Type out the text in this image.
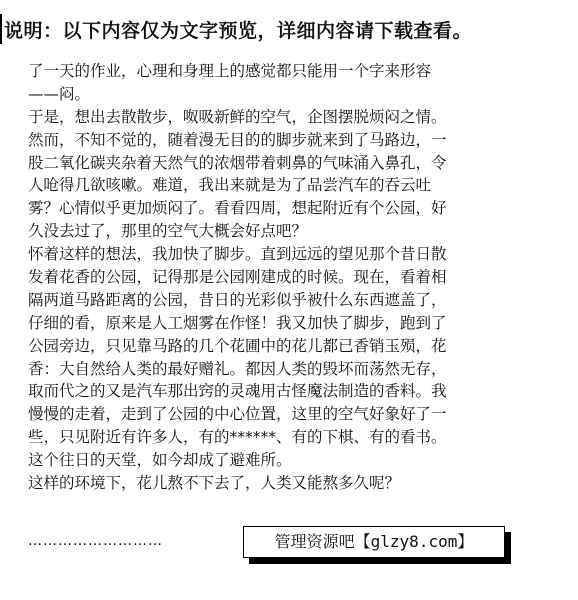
说明：以下内容仅为文字预览，详细内容请下载查看。
了一天的作业，心理和身理上的感觉都只能用一个字来形容
——闷。
于是，想出去散散步，呶吸新鲜的空气，企图摆脱烦闷之情。
然而，不知不觉的，随着漫无目的的脚步就来到了马路边，一
股二氧化碳夹杂着天然气的浓烟带着刺鼻的气味涌入鼻孔，令
人呛得几欲咳嗽。难道，我出来就是为了品尝汽车的吞云吐
雾？心情似乎更加烦闷了。看看四周，想起附近有个公园，好
久没去过了，那里的空气大概会好点吧？
怀着这样的想法，我加快了脚步。直到远远的望见那个昔日散
发着花香的公园，记得那是公园刚建成的时候。现在，看着相
隔两道马路距离的公园，昔日的光彩似乎被什么东西遮盖了，
仔细的看，原来是人工烟雾在作怪！我又加快了脚步，跑到了
公园旁边，只见靠马路的几个花圃中的花儿都已香销玉殒，花
香：大自然给人类的最好赠礼。都因人类的毁坏而荡然无存，
取而代之的又是汽车那出窍的灵魂用古怪魔法制造的香料。我
慢慢的走着，走到了公园的中心位置，这里的空气好象好了一
些，只见附近有许多人，有的******、有的下棋、有的看书。
这个往日的天堂，如今却成了避难所。
这样的环境下，花儿熬不下去了，人类又能熬多久呢？
………………………	管理资源吧【glzy8.com】
